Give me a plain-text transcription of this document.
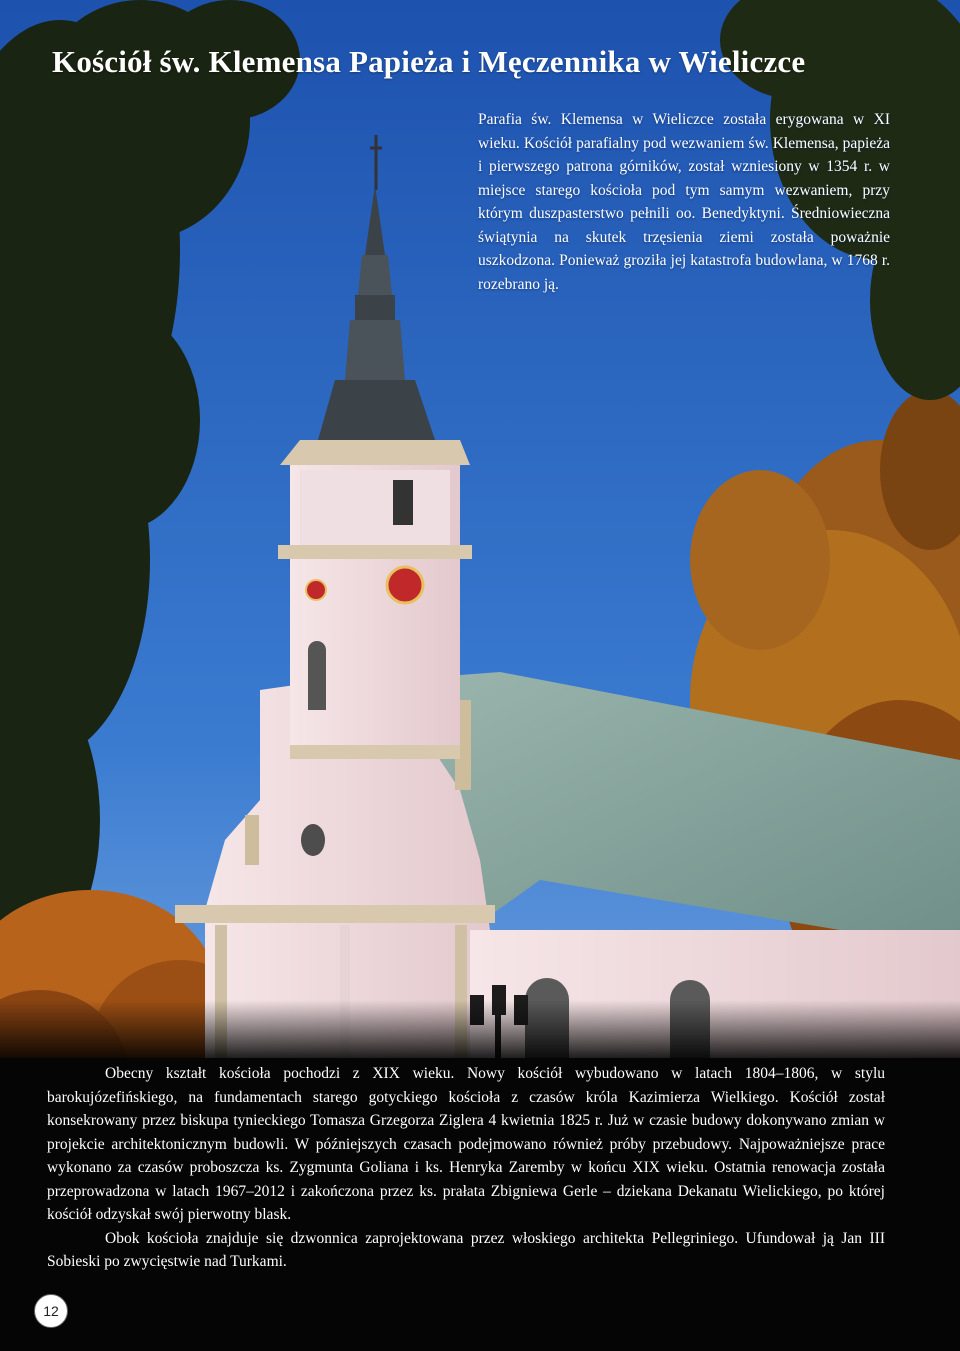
Kościół św. Klemensa Papieża i Męczennika w Wieliczce
Parafia św. Klemensa w Wieliczce została erygowana w XI wieku. Kościół parafialny pod wezwaniem św. Klemensa, papieża i pierwszego patrona górników, został wzniesiony w 1354 r. w miejsce starego kościoła pod tym samym wezwaniem, przy którym duszpasterstwo pełnili oo. Benedyktyni. Średniowieczna świątynia na skutek trzęsienia ziemi została poważnie uszkodzona. Ponieważ groziła jej katastrofa budowlana, w 1768 r. rozebrano ją.

Obecny kształt kościoła pochodzi z XIX wieku. Nowy kościół wybudowano w latach 1804–1806, w stylu barokujózefińskiego, na fundamentach starego gotyckiego kościoła z czasów króla Kazimierza Wielkiego. Kościół został konsekrowany przez biskupa tynieckiego Tomasza Grzegorza Ziglera 4 kwietnia 1825 r. Już w czasie budowy dokonywano zmian w projekcie architektonicznym budowli. W późniejszych czasach podejmowano również próby przebudowy. Najpoważniejsze prace wykonano za czasów proboszcza ks. Zygmunta Goliana i ks. Henryka Zaremby w końcu XIX wieku. Ostatnia renowacja została przeprowadzona w latach 1967–2012 i zakończona przez ks. prałata Zbigniewa Gerle – dziekana Dekanatu Wielickiego, po której kościół odzyskał swój pierwotny blask.

Obok kościoła znajduje się dzwonnica zaprojektowana przez włoskiego architekta Pellegriniego. Ufundował ją Jan III Sobieski po zwycięstwie nad Turkami.

12
